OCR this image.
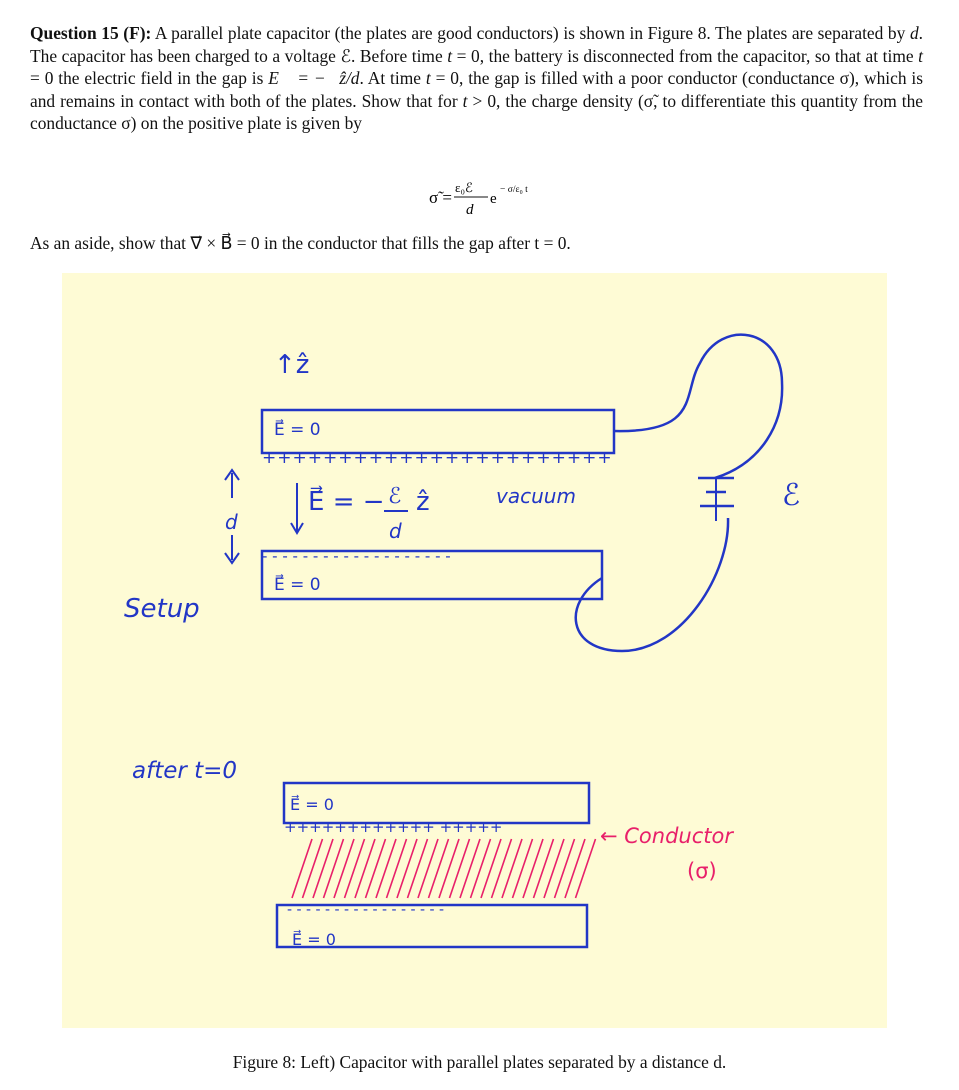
Question 15 (F): A parallel plate capacitor (the plates are good conductors) is shown in Figure 8. The plates are separated by d. The capacitor has been charged to a voltage ℰ. Before time t = 0, the battery is disconnected from the capacitor, so that at time t = 0 the electric field in the gap is E⃗ = −ℰẑ/d. At time t = 0, the gap is filled with a poor conductor (conductance σ), which is and remains in contact with both of the plates. Show that for t > 0, the charge density (σ̃, to differentiate this quantity from the conductance σ) on the positive plate is given by
σ̃ =
ε₀ℰ
d
e
− σ/ε₀ t
As an aside, show that ∇⃗ × B⃗ = 0 in the conductor that fills the gap after t = 0.
↑ẑ
E⃗ = 0
+++++++++++++++++++++++
d
E⃗ = − ℰ
d
ẑ	vacuum
- - - - - - - - - - - - - - - - - - -
E⃗ = 0
Setup
ℰ
after t=0
E⃗ = 0
++++++++++++ +++++
- - - - - - - - - - - - - - - - -
E⃗ = 0
← Conductor
(σ)
Figure 8: Left) Capacitor with parallel plates separated by a distance d.
